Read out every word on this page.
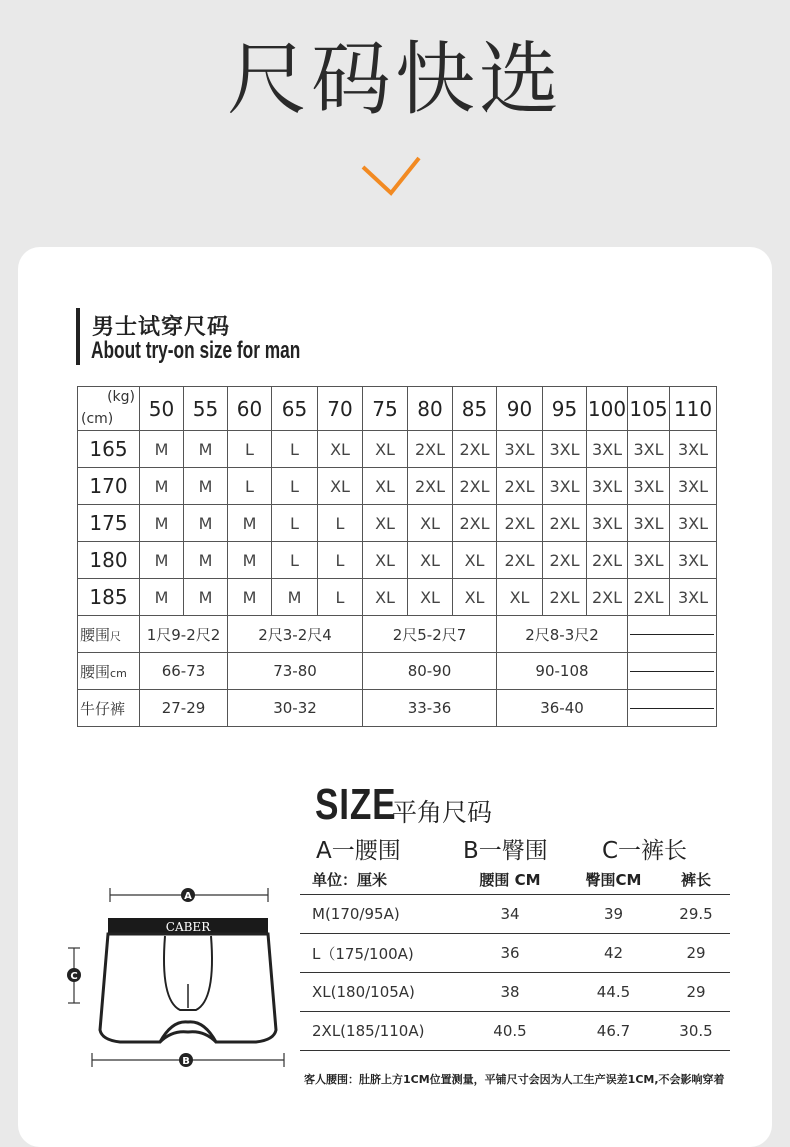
尺码快选
男士试穿尺码
About try-on size for man
(kg)
(cm)	50	55	60	65	70	75	80	85	90	95	100	105	110
165	M	M	L	L	XL	XL	2XL	2XL	3XL	3XL	3XL	3XL	3XL
170	M	M	L	L	XL	XL	2XL	2XL	2XL	3XL	3XL	3XL	3XL
175	M	M	M	L	L	XL	XL	2XL	2XL	2XL	3XL	3XL	3XL
180	M	M	M	L	L	XL	XL	XL	2XL	2XL	2XL	3XL	3XL
185	M	M	M	M	L	XL	XL	XL	XL	2XL	2XL	2XL	3XL
腰围尺	1尺9-2尺2		2尺3-2尺4			2尺5-2尺7			2尺8-3尺2				
腰围cm	66-73		73-80			80-90			90-108				
牛仔裤	27-29		30-32			33-36			36-40				
SIZE
平角尺码
A一腰围	B一臀围 C一裤长
单位：厘米	腰围 CM	臀围CM	裤长
M(170/95A)	34	39	29.5
L（175/100A)	36	42	29
XL(180/105A)	38	44.5	29
2XL(185/110A)	40.5	46.7	30.5
A
CABER
C
B
客人腰围：肚脐上方1CM位置测量，平铺尺寸会因为人工生产误差1CM,不会影响穿着
